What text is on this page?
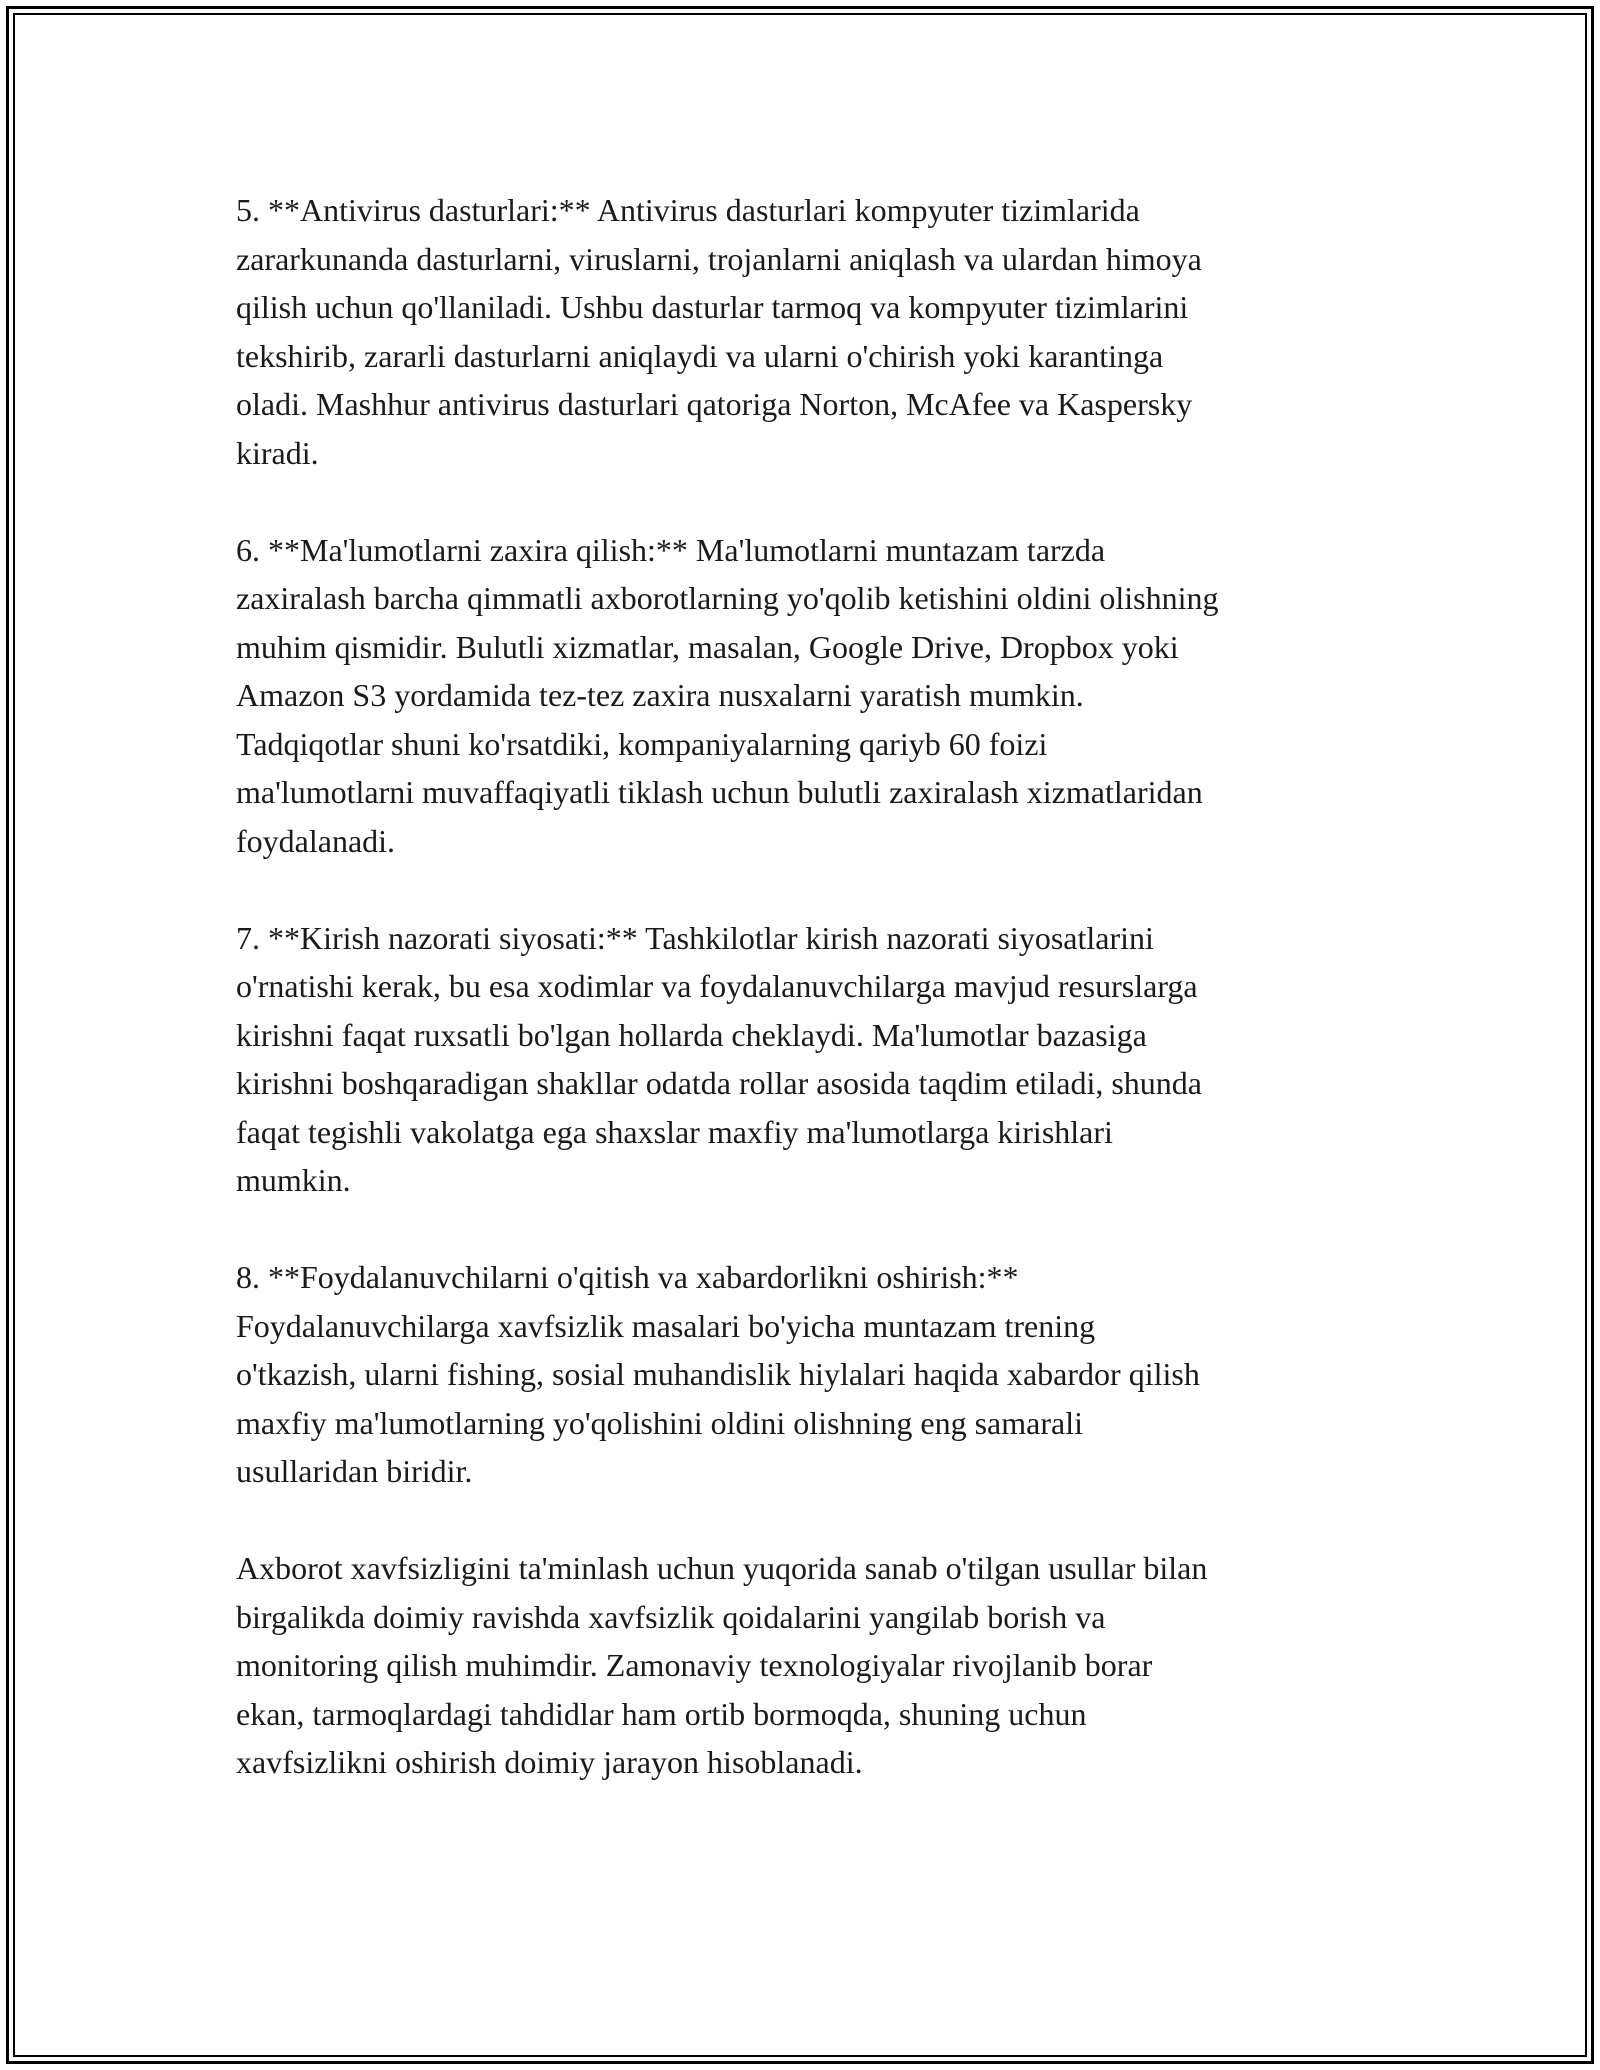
5. **Antivirus dasturlari:** Antivirus dasturlari kompyuter tizimlarida
zararkunanda dasturlarni, viruslarni, trojanlarni aniqlash va ulardan himoya
qilish uchun qo'llaniladi. Ushbu dasturlar tarmoq va kompyuter tizimlarini
tekshirib, zararli dasturlarni aniqlaydi va ularni o'chirish yoki karantinga
oladi. Mashhur antivirus dasturlari qatoriga Norton, McAfee va Kaspersky
kiradi.

6. **Ma'lumotlarni zaxira qilish:** Ma'lumotlarni muntazam tarzda
zaxiralash barcha qimmatli axborotlarning yo'qolib ketishini oldini olishning
muhim qismidir. Bulutli xizmatlar, masalan, Google Drive, Dropbox yoki
Amazon S3 yordamida tez-tez zaxira nusxalarni yaratish mumkin.
Tadqiqotlar shuni ko'rsatdiki, kompaniyalarning qariyb 60 foizi
ma'lumotlarni muvaffaqiyatli tiklash uchun bulutli zaxiralash xizmatlaridan
foydalanadi.

7. **Kirish nazorati siyosati:** Tashkilotlar kirish nazorati siyosatlarini
o'rnatishi kerak, bu esa xodimlar va foydalanuvchilarga mavjud resurslarga
kirishni faqat ruxsatli bo'lgan hollarda cheklaydi. Ma'lumotlar bazasiga
kirishni boshqaradigan shakllar odatda rollar asosida taqdim etiladi, shunda
faqat tegishli vakolatga ega shaxslar maxfiy ma'lumotlarga kirishlari
mumkin.

8. **Foydalanuvchilarni o'qitish va xabardorlikni oshirish:**
Foydalanuvchilarga xavfsizlik masalari bo'yicha muntazam trening
o'tkazish, ularni fishing, sosial muhandislik hiylalari haqida xabardor qilish
maxfiy ma'lumotlarning yo'qolishini oldini olishning eng samarali
usullaridan biridir.

Axborot xavfsizligini ta'minlash uchun yuqorida sanab o'tilgan usullar bilan
birgalikda doimiy ravishda xavfsizlik qoidalarini yangilab borish va
monitoring qilish muhimdir. Zamonaviy texnologiyalar rivojlanib borar
ekan, tarmoqlardagi tahdidlar ham ortib bormoqda, shuning uchun
xavfsizlikni oshirish doimiy jarayon hisoblanadi.
